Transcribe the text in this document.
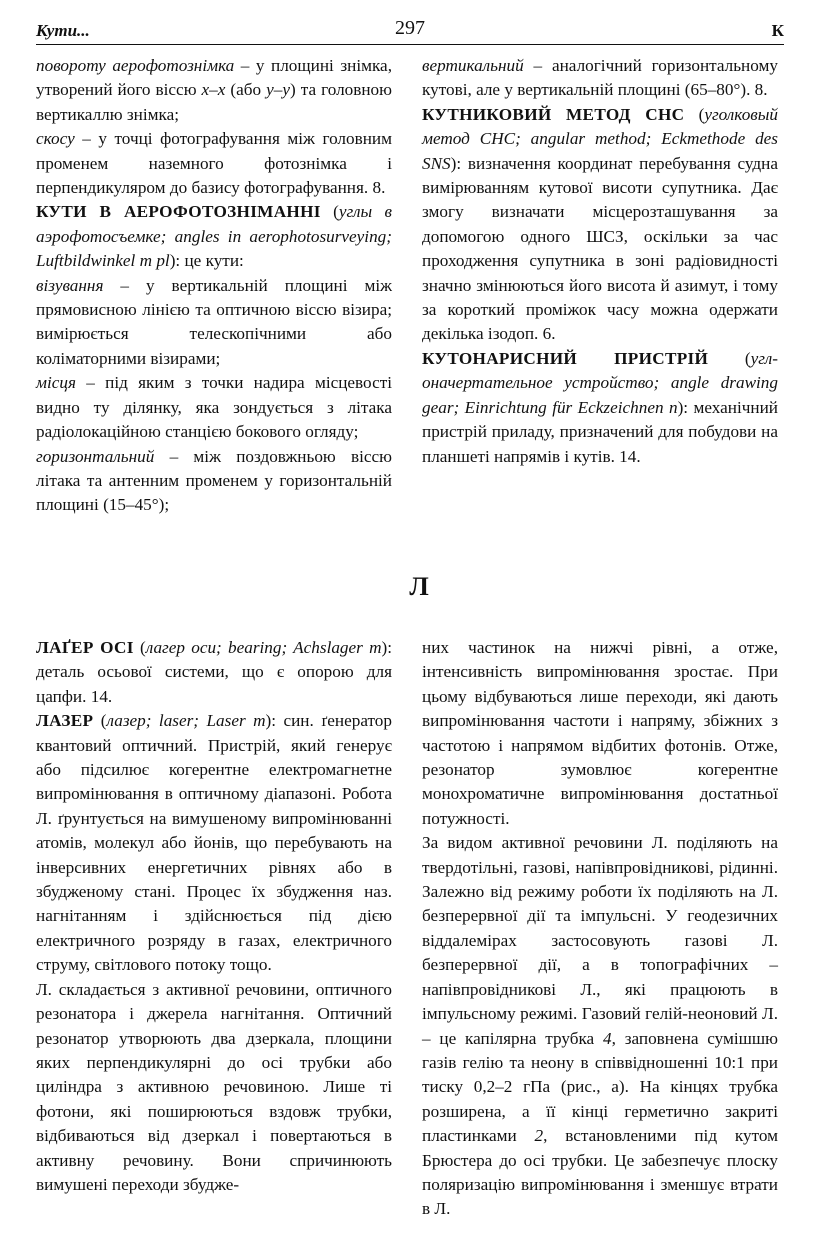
Кути...	297	К

повороту аерофотознімка – у площині знімка, утворений його віссю x–x (або y–y) та головною вертикаллю знімка;

скосу – у точці фотографування між головним променем наземного фотознімка і перпендикуляром до базису фотографування. 8.

КУТИ В АЕРОФОТОЗНІМАННІ (углы в аэрофотосъемке; angles in aerophotosurveying; Luftbildwinkel m pl): це кути:

візування – у вертикальній площині між прямовисною лінією та оптичною віссю візира; вимірюється телескопічними або коліматорними візирами;

місця – під яким з точки надира місцевості видно ту ділянку, яка зондується з літака радіолокаційною станцією бокового огляду;

горизонтальний – між поздовжньою віссю літака та антенним променем у горизонтальній площині (15–45°);

вертикальний – аналогічний горизонтальному кутові, але у вертикальній площині (65–80°). 8.

КУТНИКОВИЙ МЕТОД СНС (уголковый метод СНС; angular method; Eckmethode des SNS): визначення координат перебування судна вимірюванням кутової висоти супутника. Дає змогу визначати місцерозташування за допомогою одного ШСЗ, оскільки за час проходження супутника в зоні радіовидності значно змінюються його висота й азимут, і тому за короткий проміжок часу можна одержати декілька ізодоп. 6.

КУТОНАРИСНИЙ ПРИСТРІЙ (углоначертательное устройство; angle drawing gear; Einrichtung für Eckzeichnen n): механічний пристрій приладу, призначений для побудови на планшеті напрямів і кутів. 14.

Л

ЛАҐЕР ОСІ (лагер оси; bearing; Achslager m): деталь осьової системи, що є опорою для цапфи. 14.

ЛАЗЕР (лазер; laser; Laser m): син. ґенератор квантовий оптичний. Пристрій, який генерує або підсилює когерентне електромагнетне випромінювання в оптичному діапазоні. Робота Л. ґрунтується на вимушеному випромінюванні атомів, молекул або йонів, що перебувають на інверсивних енергетичних рівнях або в збудженому стані. Процес їх збудження наз. нагнітанням і здійснюється під дією електричного розряду в газах, електричного струму, світлового потоку тощо.

Л. складається з активної речовини, оптичного резонатора і джерела нагнітання. Оптичний резонатор утворюють два дзеркала, площини яких перпендикулярні до осі трубки або циліндра з активною речовиною. Лише ті фотони, які поширюються вздовж трубки, відбиваються від дзеркал і повертаються в активну речовину. Вони спричинюють вимушені переходи збудже-

них частинок на нижчі рівні, а отже, інтенсивність випромінювання зростає. При цьому відбуваються лише переходи, які дають випромінювання частоти і напряму, збіжних з частотою і напрямом відбитих фотонів. Отже, резонатор зумовлює когерентне монохроматичне випромінювання достатньої потужності.

За видом активної речовини Л. поділяють на твердотільні, газові, напівпровідникові, рідинні. Залежно від режиму роботи їх поділяють на Л. безперервної дії та імпульсні. У геодезичних віддалемірах застосовують газові Л. безперервної дії, а в топографічних – напівпровідникові Л., які працюють в імпульсному режимі. Газовий гелій-неоновий Л. – це капілярна трубка 4, заповнена сумішшю газів гелію та неону в співвідношенні 10:1 при тиску 0,2–2 гПа (рис., а). На кінцях трубка розширена, а її кінці герметично закриті пластинками 2, встановленими під кутом Брюстера до осі трубки. Це забезпечує плоску поляризацію випромінювання і зменшує втрати в Л.
